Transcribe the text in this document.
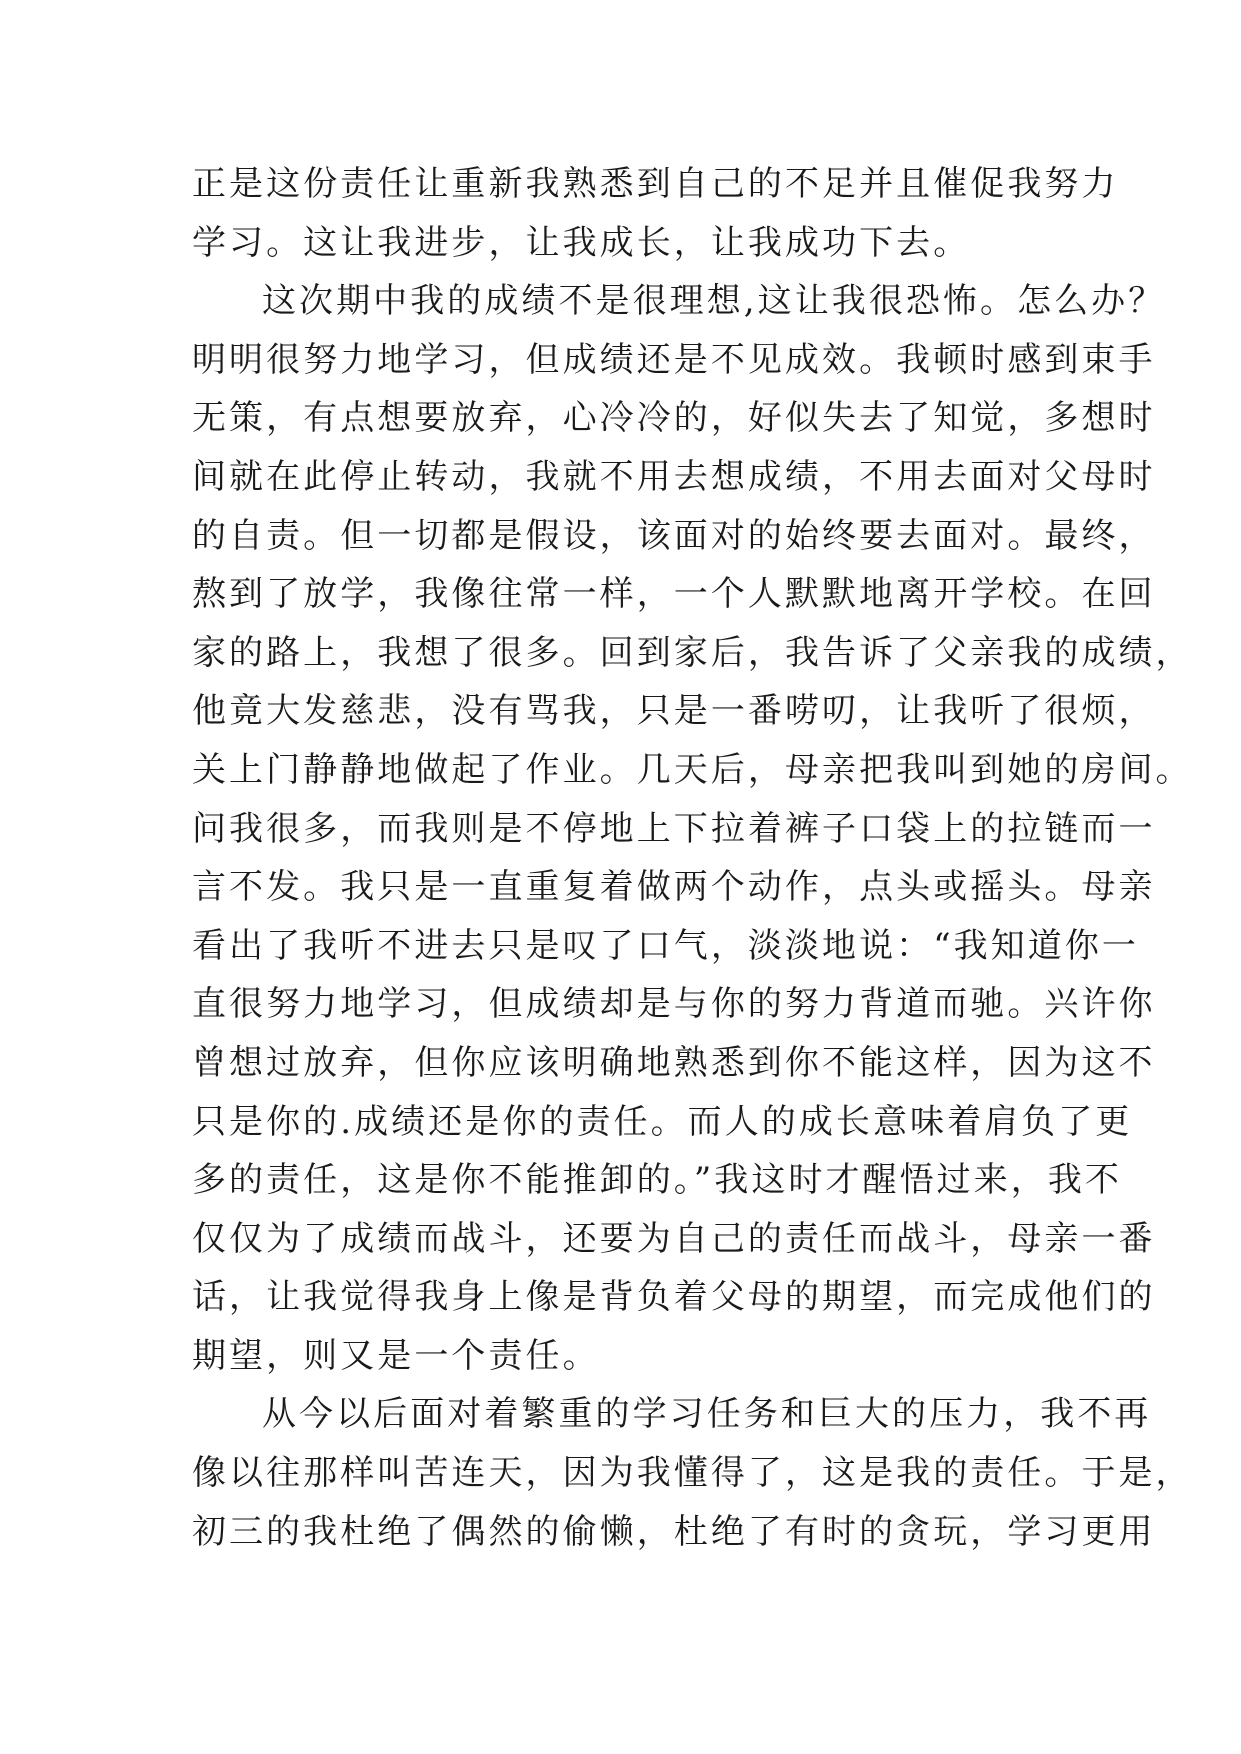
正是这份责任让重新我熟悉到自己的不足并且催促我努力
学习。这让我进步，让我成长，让我成功下去。
这次期中我的成绩不是很理想,这让我很恐怖。怎么办？
明明很努力地学习，但成绩还是不见成效。我顿时感到束手
无策，有点想要放弃，心冷冷的，好似失去了知觉，多想时
间就在此停止转动，我就不用去想成绩，不用去面对父母时
的自责。但一切都是假设，该面对的始终要去面对。最终，
熬到了放学，我像往常一样，一个人默默地离开学校。在回
家的路上，我想了很多。回到家后，我告诉了父亲我的成绩，
他竟大发慈悲，没有骂我，只是一番唠叨，让我听了很烦，
关上门静静地做起了作业。几天后，母亲把我叫到她的房间。
问我很多，而我则是不停地上下拉着裤子口袋上的拉链而一
言不发。我只是一直重复着做两个动作，点头或摇头。母亲
看出了我听不进去只是叹了口气，淡淡地说：“我知道你一
直很努力地学习，但成绩却是与你的努力背道而驰。兴许你
曾想过放弃，但你应该明确地熟悉到你不能这样，因为这不
只是你的.成绩还是你的责任。而人的成长意味着肩负了更
多的责任，这是你不能推卸的。”我这时才醒悟过来，我不
仅仅为了成绩而战斗，还要为自己的责任而战斗，母亲一番
话，让我觉得我身上像是背负着父母的期望，而完成他们的
期望，则又是一个责任。
从今以后面对着繁重的学习任务和巨大的压力，我不再
像以往那样叫苦连天，因为我懂得了，这是我的责任。于是，
初三的我杜绝了偶然的偷懒，杜绝了有时的贪玩，学习更用
